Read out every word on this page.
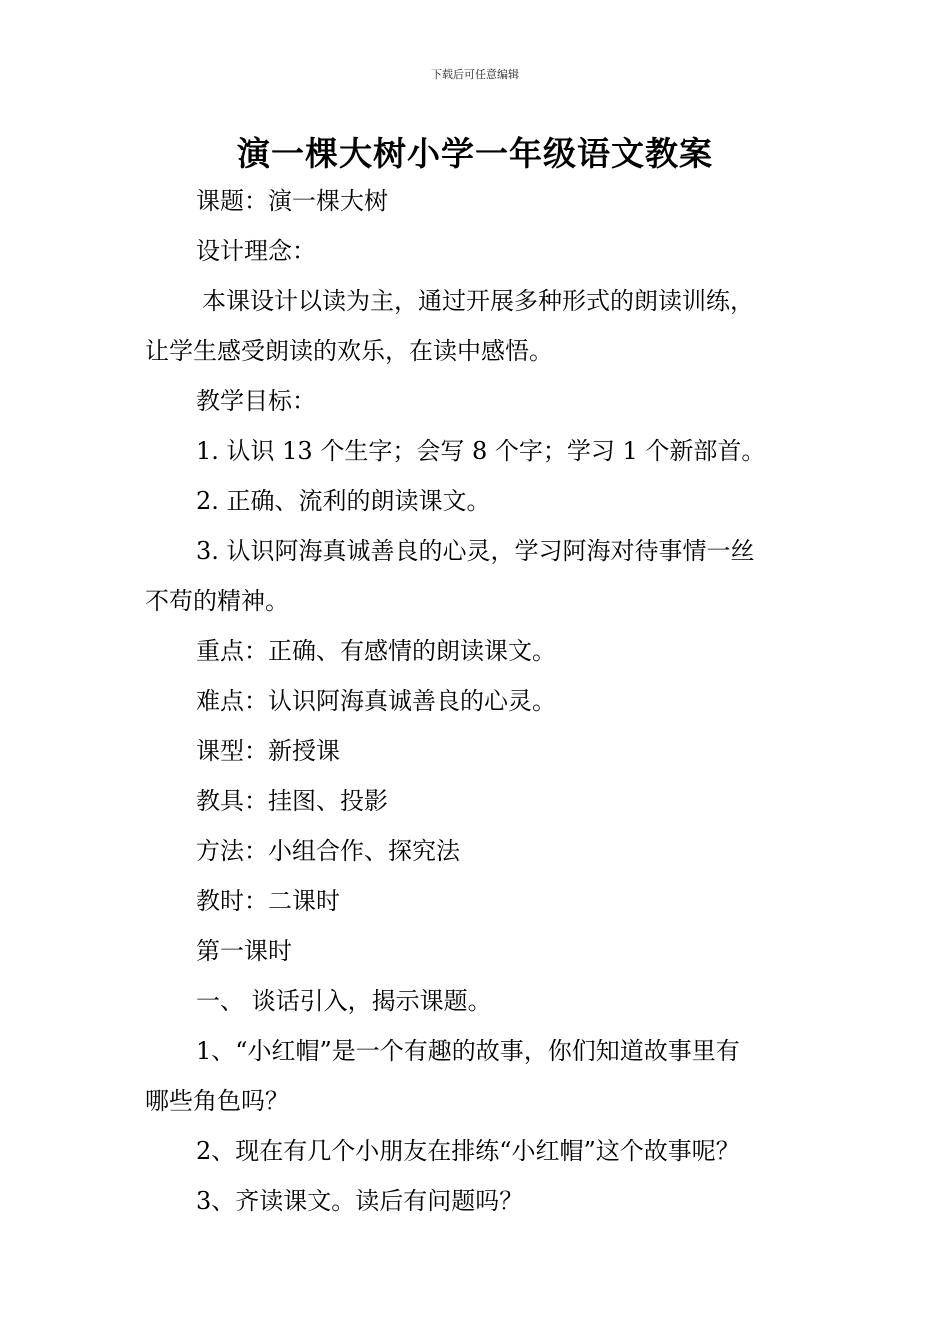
下载后可任意编辑
演一棵大树小学一年级语文教案

课题：演一棵大树

设计理念：

本课设计以读为主，通过开展多种形式的朗读训练，

让学生感受朗读的欢乐，在读中感悟。

教学目标：

1. 认识 13 个生字；会写 8 个字；学习 1 个新部首。

2. 正确、流利的朗读课文。

3. 认识阿海真诚善良的心灵，学习阿海对待事情一丝

不苟的精神。

重点：正确、有感情的朗读课文。

难点：认识阿海真诚善良的心灵。

课型：新授课

教具：挂图、投影

方法：小组合作、探究法

教时：二课时

第一课时

一、 谈话引入，揭示课题。

1、“小红帽”是一个有趣的故事，你们知道故事里有

哪些角色吗？

2、现在有几个小朋友在排练“小红帽”这个故事呢？

3、齐读课文。读后有问题吗？
